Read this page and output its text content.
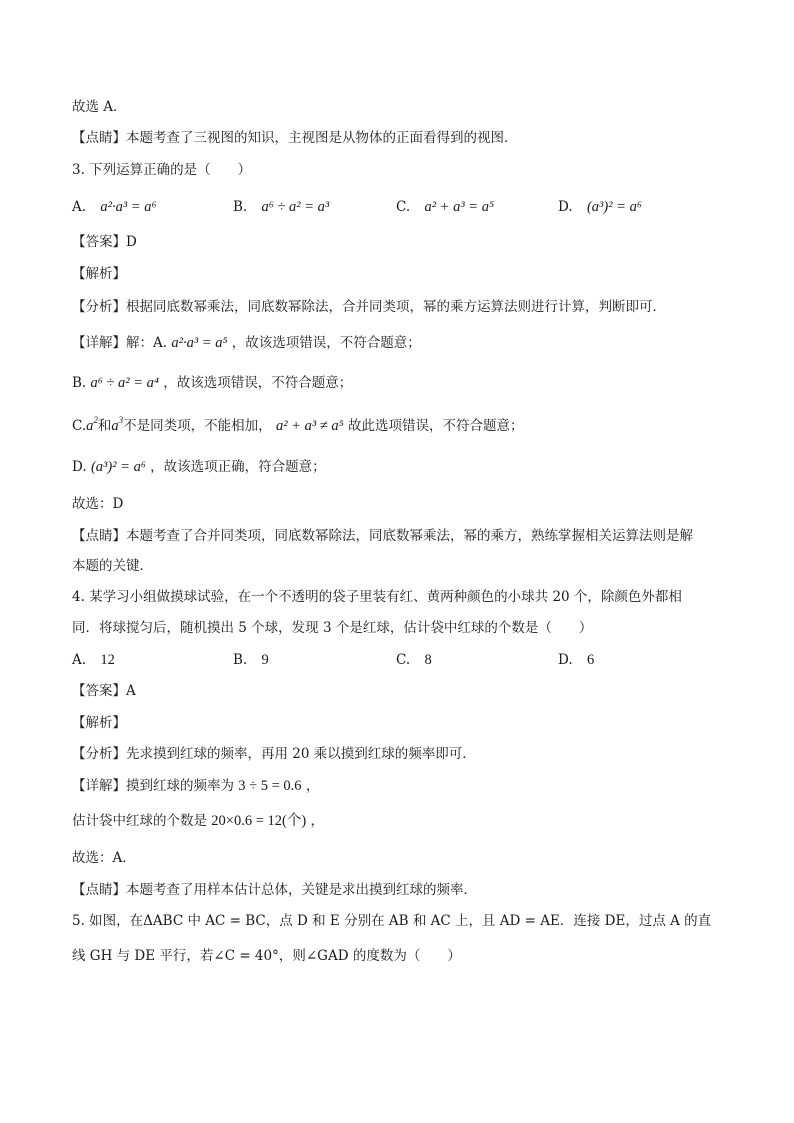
故选 A．
【点睛】本题考查了三视图的知识，主视图是从物体的正面看得到的视图．
3. 下列运算正确的是（　　）
A. a²·a³ = a⁶	B. a⁶ ÷ a² = a³	C. a² + a³ = a⁵	D. (a³)² = a⁶
【答案】D
【解析】
【分析】根据同底数幂乘法，同底数幂除法，合并同类项，幂的乘方运算法则进行计算，判断即可．
【详解】解：A. a²·a³ = a⁵ ，故该选项错误，不符合题意；
B. a⁶ ÷ a² = a⁴ ，故该选项错误，不符合题意；
$C.a^2$和$a^3$不是同类项，不能相加， a² + a³ ≠ a⁵ 故此选项错误，不符合题意；
D. (a³)² = a⁶ ，故该选项正确，符合题意；
故选：D
【点睛】本题考查了合并同类项，同底数幂除法，同底数幂乘法，幂的乘方，熟练掌握相关运算法则是解
本题的关键．
4. 某学习小组做摸球试验，在一个不透明的袋子里装有红、黄两种颜色的小球共 20 个，除颜色外都相
同．将球搅匀后，随机摸出 5 个球，发现 3 个是红球，估计袋中红球的个数是（　　）
A. 12	B. 9	C. 8	D. 6
【答案】A
【解析】
【分析】先求摸到红球的频率，再用 20 乘以摸到红球的频率即可．
【详解】摸到红球的频率为 3 ÷ 5 = 0.6 ，
估计袋中红球的个数是 20×0.6 = 12(个) ，
故选：A．
【点睛】本题考查了用样本估计总体，关键是求出摸到红球的频率．
5. 如图，在ΔABC 中 AC = BC，点 D 和 E 分别在 AB 和 AC 上，且 AD = AE．连接 DE，过点 A 的直
线 GH 与 DE 平行，若∠C = 40°，则∠GAD 的度数为（　　）
